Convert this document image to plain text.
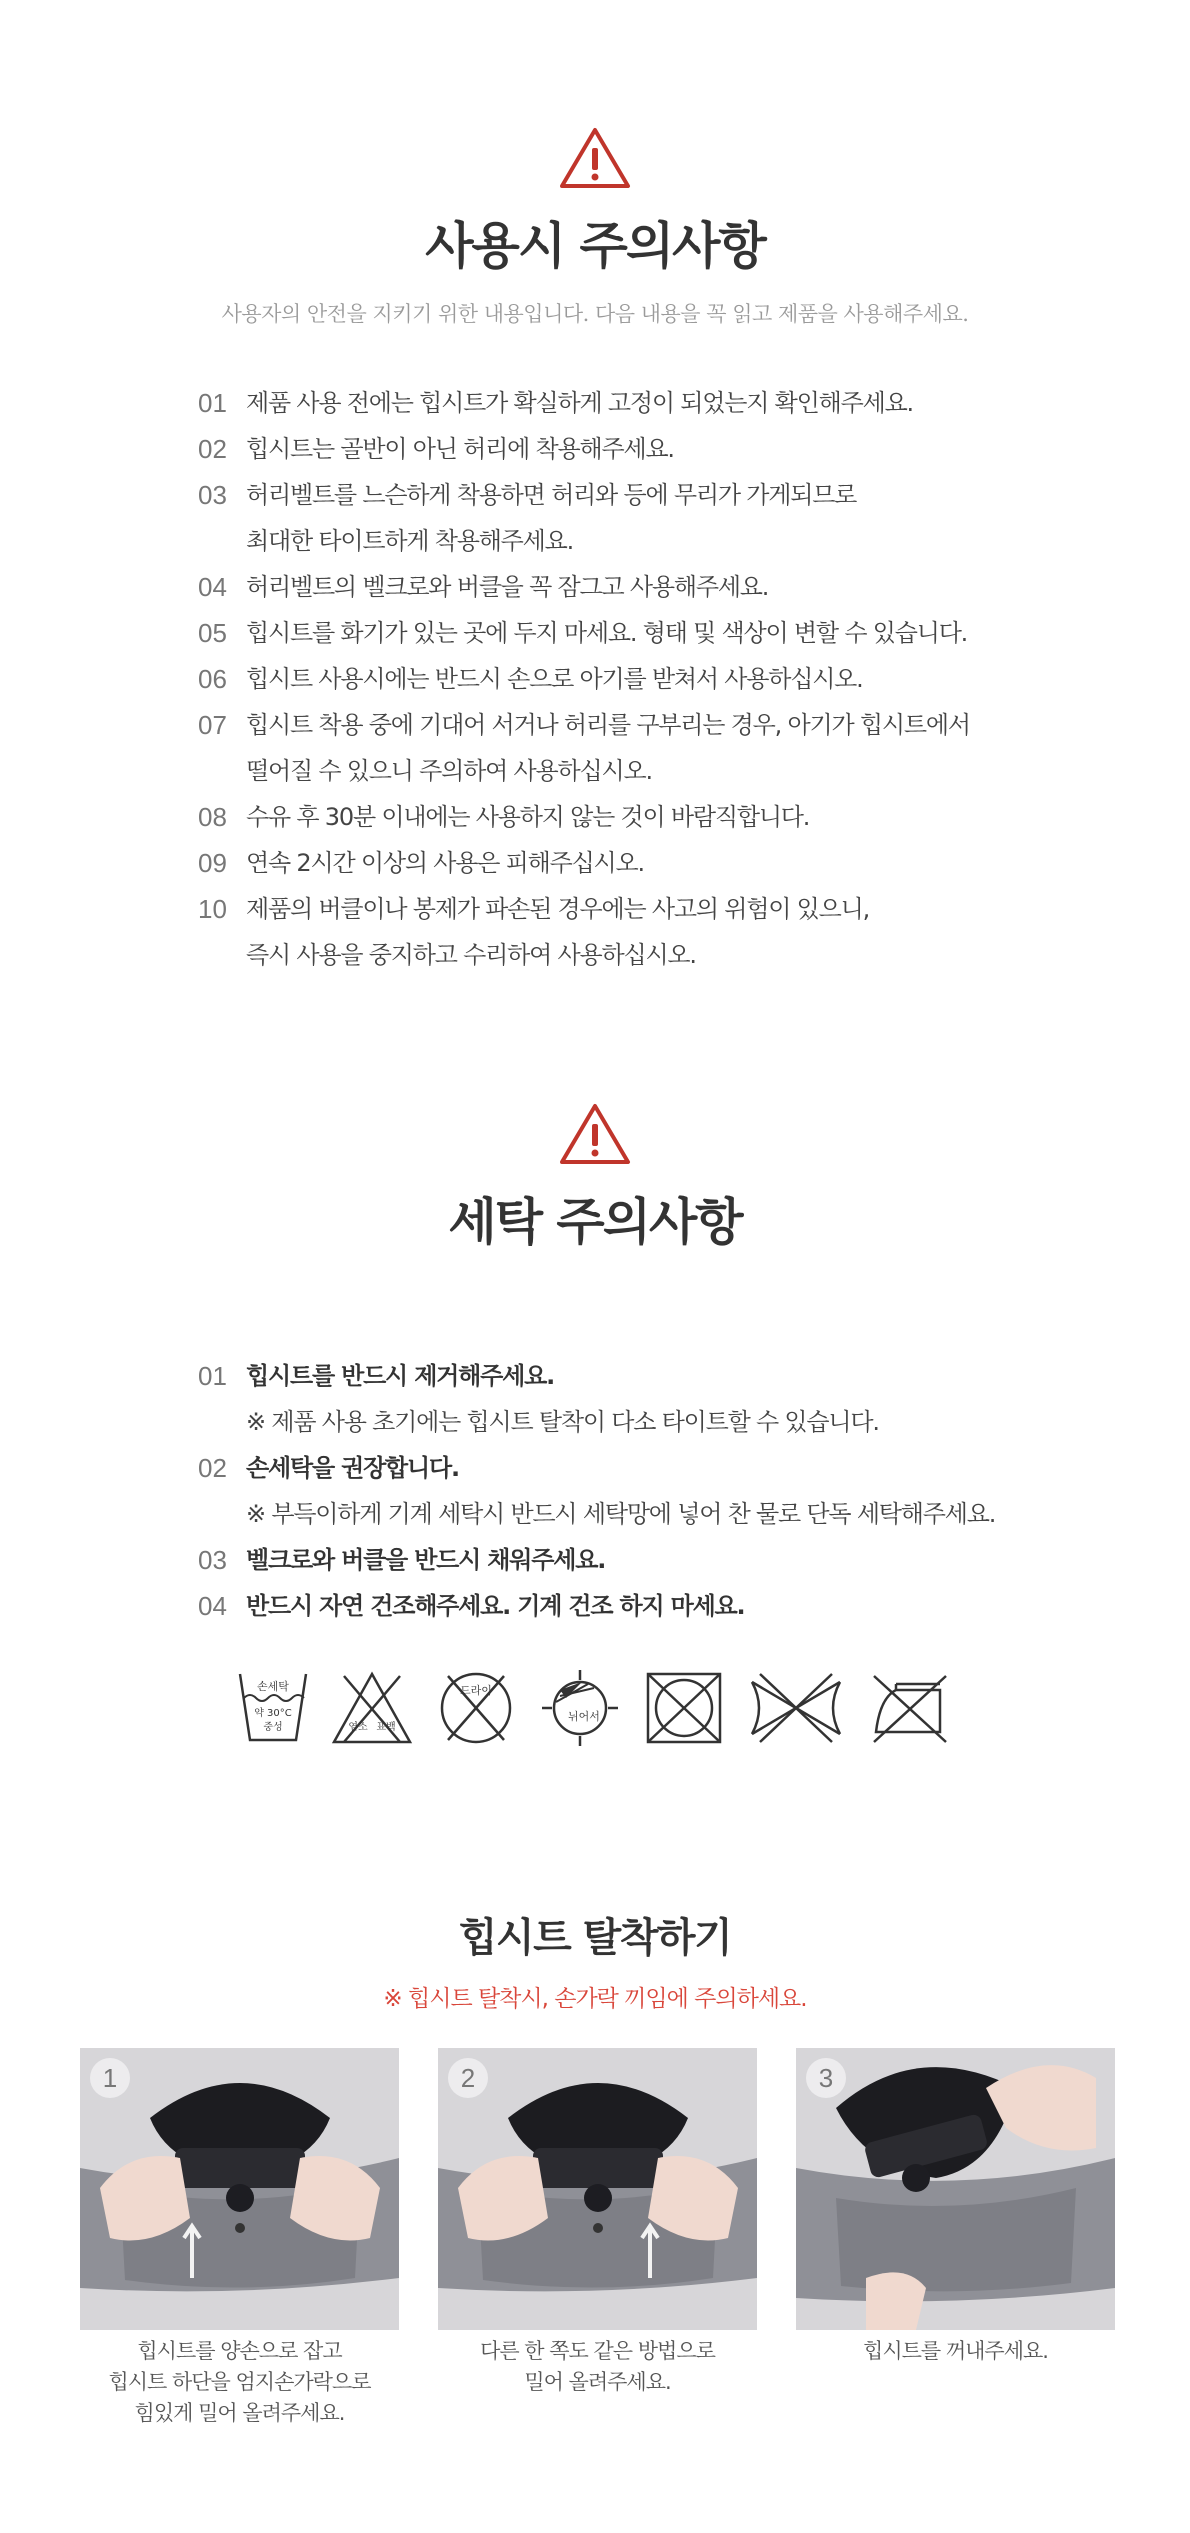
사용시 주의사항
사용자의 안전을 지키기 위한 내용입니다. 다음 내용을 꼭 읽고 제품을 사용해주세요.
01 제품 사용 전에는 힙시트가 확실하게 고정이 되었는지 확인해주세요.
02 힙시트는 골반이 아닌 허리에 착용해주세요.
03 허리벨트를 느슨하게 착용하면 허리와 등에 무리가 가게되므로
최대한 타이트하게 착용해주세요.
04 허리벨트의 벨크로와 버클을 꼭 잠그고 사용해주세요.
05 힙시트를 화기가 있는 곳에 두지 마세요. 형태 및 색상이 변할 수 있습니다.
06 힙시트 사용시에는 반드시 손으로 아기를 받쳐서 사용하십시오.
07 힙시트 착용 중에 기대어 서거나 허리를 구부리는 경우, 아기가 힙시트에서
떨어질 수 있으니 주의하여 사용하십시오.
08 수유 후 30분 이내에는 사용하지 않는 것이 바람직합니다.
09 연속 2시간 이상의 사용은 피해주십시오.
10 제품의 버클이나 봉제가 파손된 경우에는 사고의 위험이 있으니,
즉시 사용을 중지하고 수리하여 사용하십시오.
세탁 주의사항
01 힙시트를 반드시 제거해주세요.
※ 제품 사용 초기에는 힙시트 탈착이 다소 타이트할 수 있습니다.
02 손세탁을 권장합니다.
※ 부득이하게 기계 세탁시 반드시 세탁망에 넣어 찬 물로 단독 세탁해주세요.
03 벨크로와 버클을 반드시 채워주세요.
04 반드시 자연 건조해주세요. 기계 건조 하지 마세요.
손세탁
약 30°C
중성	염소 표백
드라이
뉘어서
힙시트 탈착하기
※ 힙시트 탈착시, 손가락 끼임에 주의하세요.
1	2	3
힙시트를 양손으로 잡고
힙시트 하단을 엄지손가락으로
힘있게 밀어 올려주세요.
다른 한 쪽도 같은 방법으로
밀어 올려주세요.
힙시트를 꺼내주세요.
